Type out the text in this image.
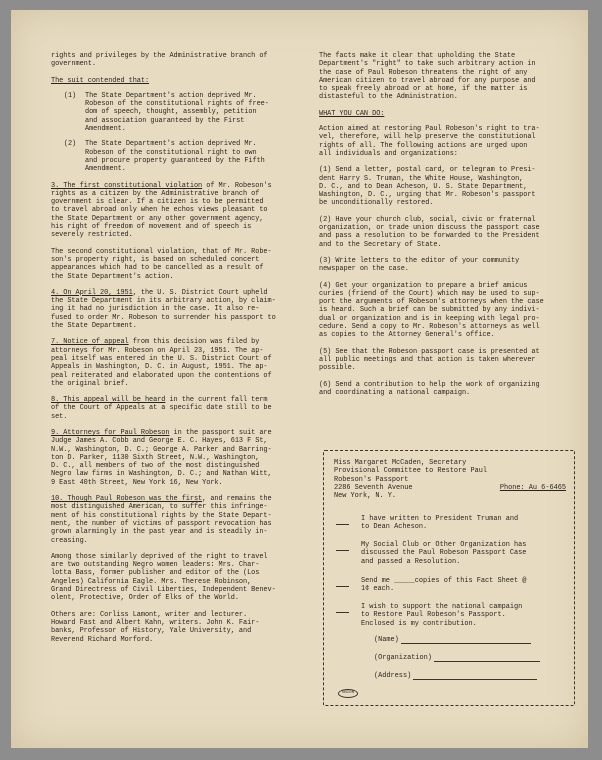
rights and privileges by the Administrative branch of
government.

The suit contended that:
(1)	The State Department's action deprived Mr.
Robeson of the constitutional rights of free-
dom of speech, thought, assembly, petition
and association guaranteed by the First
Amendment.
(2)	The State Department's action deprived Mr.
Robeson of the constitutional right to own
and procure property guaranteed by the Fifth
Amendment.

3. The first constitutional violation of Mr. Robeson's
rights as a citizen by the Administrative branch of
government is clear. If a citizen is to be permitted
to travel abroad only when he echos views pleasant to
the State Department or any other government agency,
his right of freedom of movement and of speech is
severely restricted.

The second constitutional violation, that of Mr. Robe-
son's property right, is based on scheduled concert
appearances which had to be cancelled as a result of
the State Department's action.

4. On April 20, 1951, the U. S. District Court upheld
the State Department in its arbitrary action, by claim-
ing it had no jurisdiction in the case. It also re-
fused to order Mr. Robeson to surrender his passport to
the State Department.

7. Notice of appeal from this decision was filed by
attorneys for Mr. Robeson on April 23, 1951. The ap-
peal itself was entered in the U. S. District Court of
Appeals in Washington, D. C. in August, 1951. The ap-
peal reiterated and elaborated upon the contentions of
the original brief.

8. This appeal will be heard in the current fall term
of the Court of Appeals at a specific date still to be
set.

9. Attorneys for Paul Robeson in the passport suit are
Judge James A. Cobb and George E. C. Hayes, 613 F St,
N.W., Washington, D. C.; George A. Parker and Barring-
ton D. Parker, 1130 Sixth Street, N.W., Washington,
D. C., all members of two of the most distinguished
Negro law firms in Washington, D. C.; and Nathan Witt,
9 East 40th Street, New York 16, New York.

10. Though Paul Robeson was the first, and remains the
most distinguished American, to suffer this infringe-
ment of his constitutional rights by the State Depart-
ment, the number of victims of passport revocation has
grown alarmingly in the past year and is steadily in-
creasing.

Among those similarly deprived of the right to travel
are two outstanding Negro women leaders: Mrs. Char-
lotta Bass, former publisher and editor of the (Los
Angeles) California Eagle. Mrs. Therese Robinson,
Grand Directress of Civil Liberties, Independent Benev-
olent, Protective, Order of Elks of the World.

Others are: Corliss Lamont, writer and lecturer.
Howard Fast and Albert Kahn, writers. John K. Fair-
banks, Professor of History, Yale University, and
Reverend Richard Morford.

The facts make it clear that upholding the State
Department's "right" to take such arbitrary action in
the case of Paul Robeson threatens the right of any
American citizen to travel abroad for any purpose and
to speak freely abroad or at home, if the matter is
distasteful to the Administration.

WHAT YOU CAN DO:

Action aimed at restoring Paul Robeson's right to tra-
vel, therefore, will help preserve the constitutional
rights of all. The following actions are urged upon
all individuals and organizations:

(1) Send a letter, postal card, or telegram to Presi-
dent Harry S. Truman, the White House, Washington,
D. C., and to Dean Acheson, U. S. State Department,
Washington, D. C., urging that Mr. Robeson's passport
be unconditionally restored.

(2) Have your church club, social, civic or fraternal
organization, or trade union discuss the passport case
and pass a resolution to be forwarded to the President
and to the Secretary of State.

(3) Write letters to the editor of your community
newspaper on the case.

(4) Get your organization to prepare a brief amicus
curies (friend of the Court) which may be used to sup-
port the arguments of Robeson's attorneys when the case
is heard. Such a brief can be submitted by any indivi-
dual or organization and is in keeping with legal pro-
cedure. Send a copy to Mr. Robeson's attorneys as well
as copies to the Attorney General's office.

(5) See that the Robeson passport case is presented at
all public meetings and that action is taken wherever
possible.

(6) Send a contribution to help the work of organizing
and coordinating a national campaign.

Miss Margaret McCaden, Secretary
Provisional Committee to Restore Paul
Robeson's Passport
2286 Seventh Avenue
New York, N. Y.
Phone: Au 6-6465
I have written to President Truman and
to Dean Acheson.
My Social Club or Other Organization has
discussed the Paul Robeson Passport Case
and passed a Resolution.
Send me _____copies of this Fact Sheet @
1¢ each.
I wish to support the national campaign
to Restore Paul Robeson's Passport.
Enclosed is my contribution.
(Name)
(Organization)
(Address)
UNION
